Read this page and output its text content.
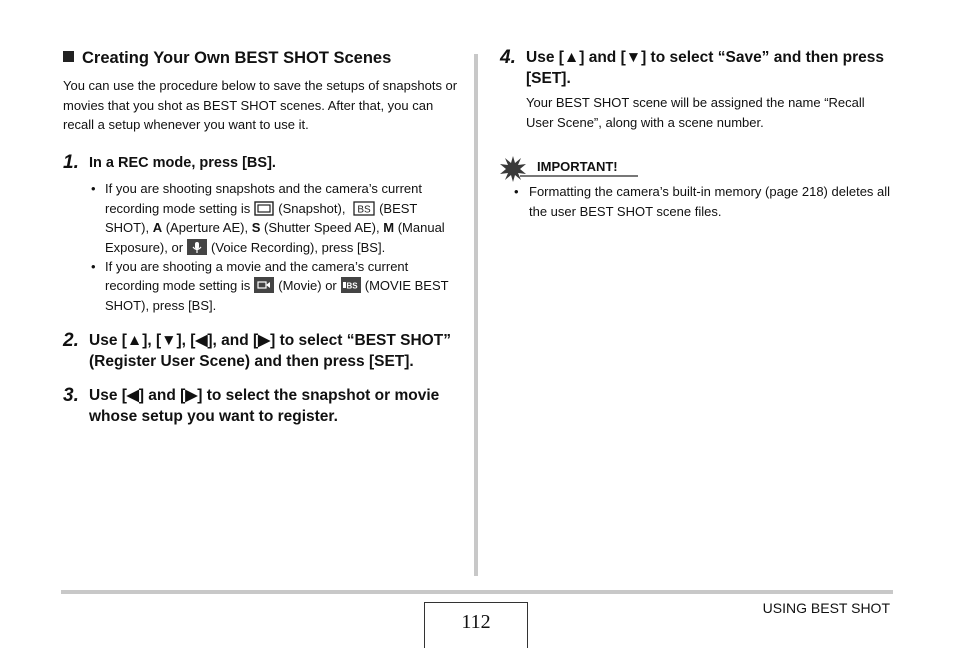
Creating Your Own BEST SHOT Scenes

You can use the procedure below to save the setups of snapshots or movies that you shot as BEST SHOT scenes. After that, you can recall a setup whenever you want to use it.

1. In a REC mode, press [BS].
• If you are shooting snapshots and the camera’s current recording mode setting is (Snapshot), BS (BEST SHOT), A (Aperture AE), S (Shutter Speed AE), M (Manual Exposure), or (Voice Recording), press [BS].
• If you are shooting a movie and the camera’s current recording mode setting is (Movie) or BS (MOVIE BEST SHOT), press [BS].
2. Use [▲], [▼], [◀], and [▶] to select “BEST SHOT” (Register User Scene) and then press [SET].
3. Use [◀] and [▶] to select the snapshot or movie whose setup you want to register.
4. Use [▲] and [▼] to select “Save” and then press [SET].
Your BEST SHOT scene will be assigned the name “Recall User Scene”, along with a scene number.
IMPORTANT!
• Formatting the camera’s built-in memory (page 218) deletes all the user BEST SHOT scene files.
112
USING BEST SHOT
